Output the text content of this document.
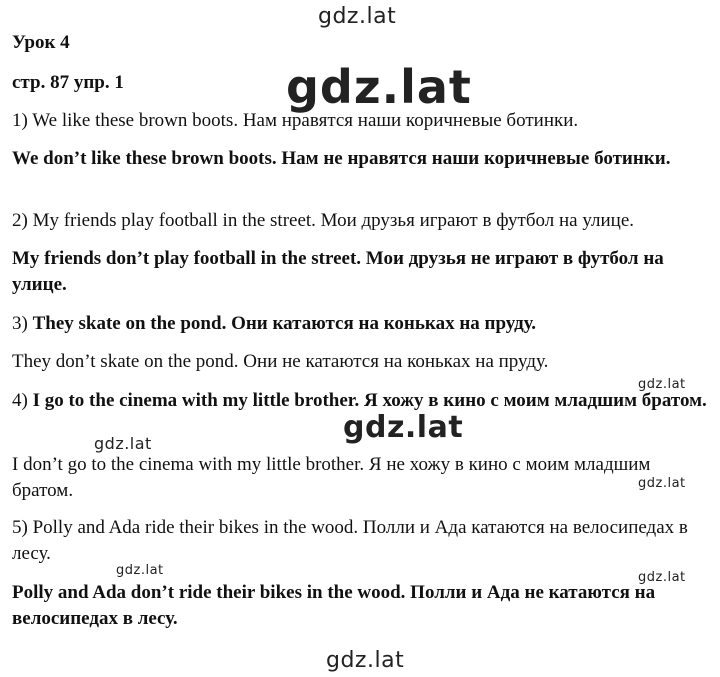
gdz.lat
gdz.lat
gdz.lat
gdz.lat
gdz.lat
gdz.lat
gdz.lat	gdz.lat
gdz.lat
Урок 4
стр. 87 упр. 1
1) We like these brown boots. Нам нравятся наши коричневые ботинки.
We don’t like these brown boots. Нам не нравятся наши коричневые ботинки.
2) My friends play football in the street. Мои друзья играют в футбол на улице.
My friends don’t play football in the street. Мои друзья не играют в футбол на улице.
3) They skate on the pond. Они катаются на коньках на пруду.
They don’t skate on the pond. Они не катаются на коньках на пруду.
4) I go to the cinema with my little brother. Я хожу в кино с моим младшим братом.
I don’t go to the cinema with my little brother. Я не хожу в кино с моим младшим братом.
5) Polly and Ada ride their bikes in the wood. Полли и Ада катаются на велосипедах в лесу.
Polly and Ada don’t ride their bikes in the wood. Полли и Ада не катаются на велосипедах в лесу.
